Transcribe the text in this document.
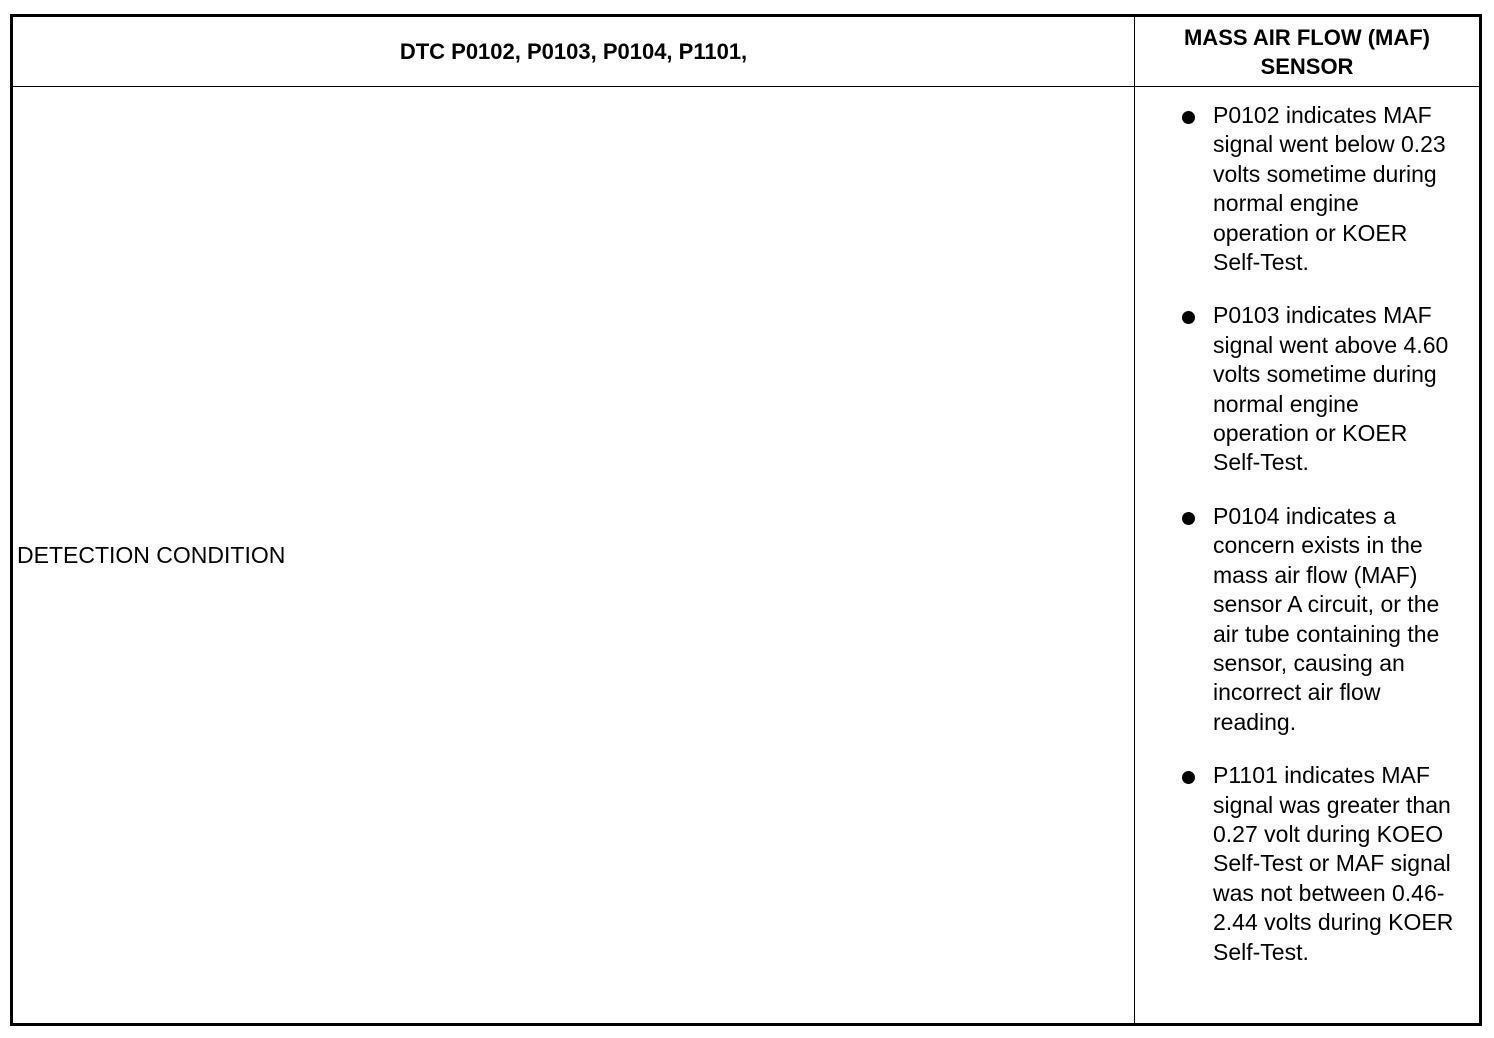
DTC P0102, P0103, P0104, P1101,
MASS AIR FLOW (MAF)
SENSOR
DETECTION CONDITION
P0102 indicates MAF signal went below 0.23 volts sometime during normal engine operation or KOER Self-Test.
P0103 indicates MAF signal went above 4.60 volts sometime during normal engine operation or KOER Self-Test.
P0104 indicates a concern exists in the mass air flow (MAF) sensor A circuit, or the air tube containing the sensor, causing an incorrect air flow reading.
P1101 indicates MAF signal was greater than 0.27 volt during KOEO Self-Test or MAF signal was not between 0.46-2.44 volts during KOER Self-Test.
